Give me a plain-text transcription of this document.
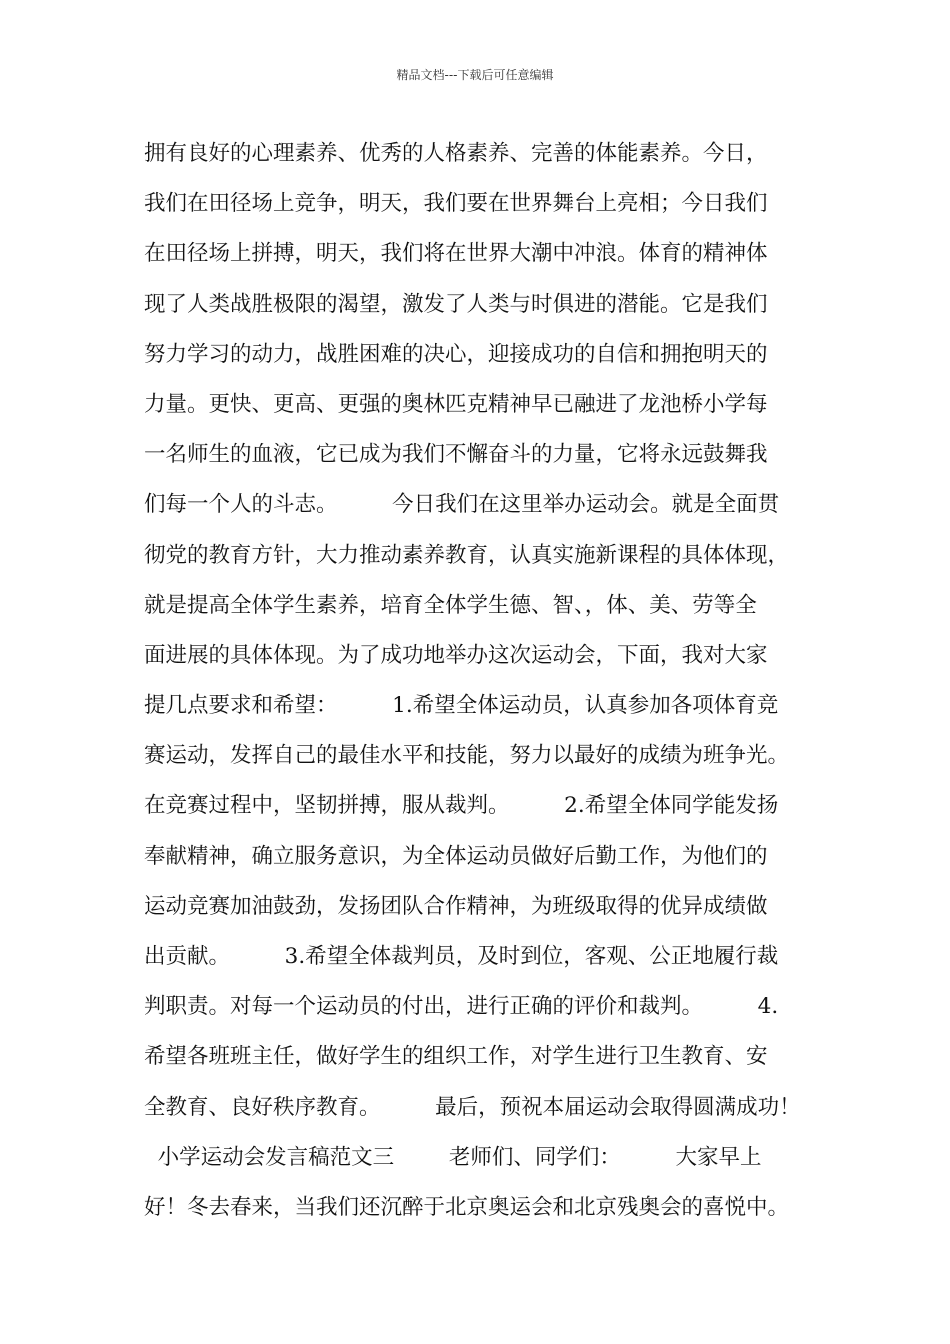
精品文档---下载后可任意编辑
拥有良好的心理素养、优秀的人格素养、完善的体能素养。今日，
我们在田径场上竞争，明天，我们要在世界舞台上亮相；今日我们
在田径场上拼搏，明天，我们将在世界大潮中冲浪。体育的精神体
现了人类战胜极限的渴望，激发了人类与时俱进的潜能。它是我们
努力学习的动力，战胜困难的决心，迎接成功的自信和拥抱明天的
力量。更快、更高、更强的奥林匹克精神早已融进了龙池桥小学每
一名师生的血液，它已成为我们不懈奋斗的力量，它将永远鼓舞我
们每一个人的斗志。        今日我们在这里举办运动会。就是全面贯
彻党的教育方针，大力推动素养教育，认真实施新课程的具体体现，
就是提高全体学生素养，培育全体学生德、智、，体、美、劳等全
面进展的具体体现。为了成功地举办这次运动会，下面，我对大家
提几点要求和希望：        1.希望全体运动员，认真参加各项体育竞
赛运动，发挥自己的最佳水平和技能，努力以最好的成绩为班争光。
在竞赛过程中，坚韧拼搏，服从裁判。        2.希望全体同学能发扬
奉献精神，确立服务意识，为全体运动员做好后勤工作，为他们的
运动竞赛加油鼓劲，发扬团队合作精神，为班级取得的优异成绩做
出贡献。        3.希望全体裁判员，及时到位，客观、公正地履行裁
判职责。对每一个运动员的付出，进行正确的评价和裁判。        4.
希望各班班主任，做好学生的组织工作，对学生进行卫生教育、安
全教育、良好秩序教育。        最后，预祝本届运动会取得圆满成功！
小学运动会发言稿范文三        老师们、同学们：        大家早上
好！冬去春来，当我们还沉醉于北京奥运会和北京残奥会的喜悦中。
